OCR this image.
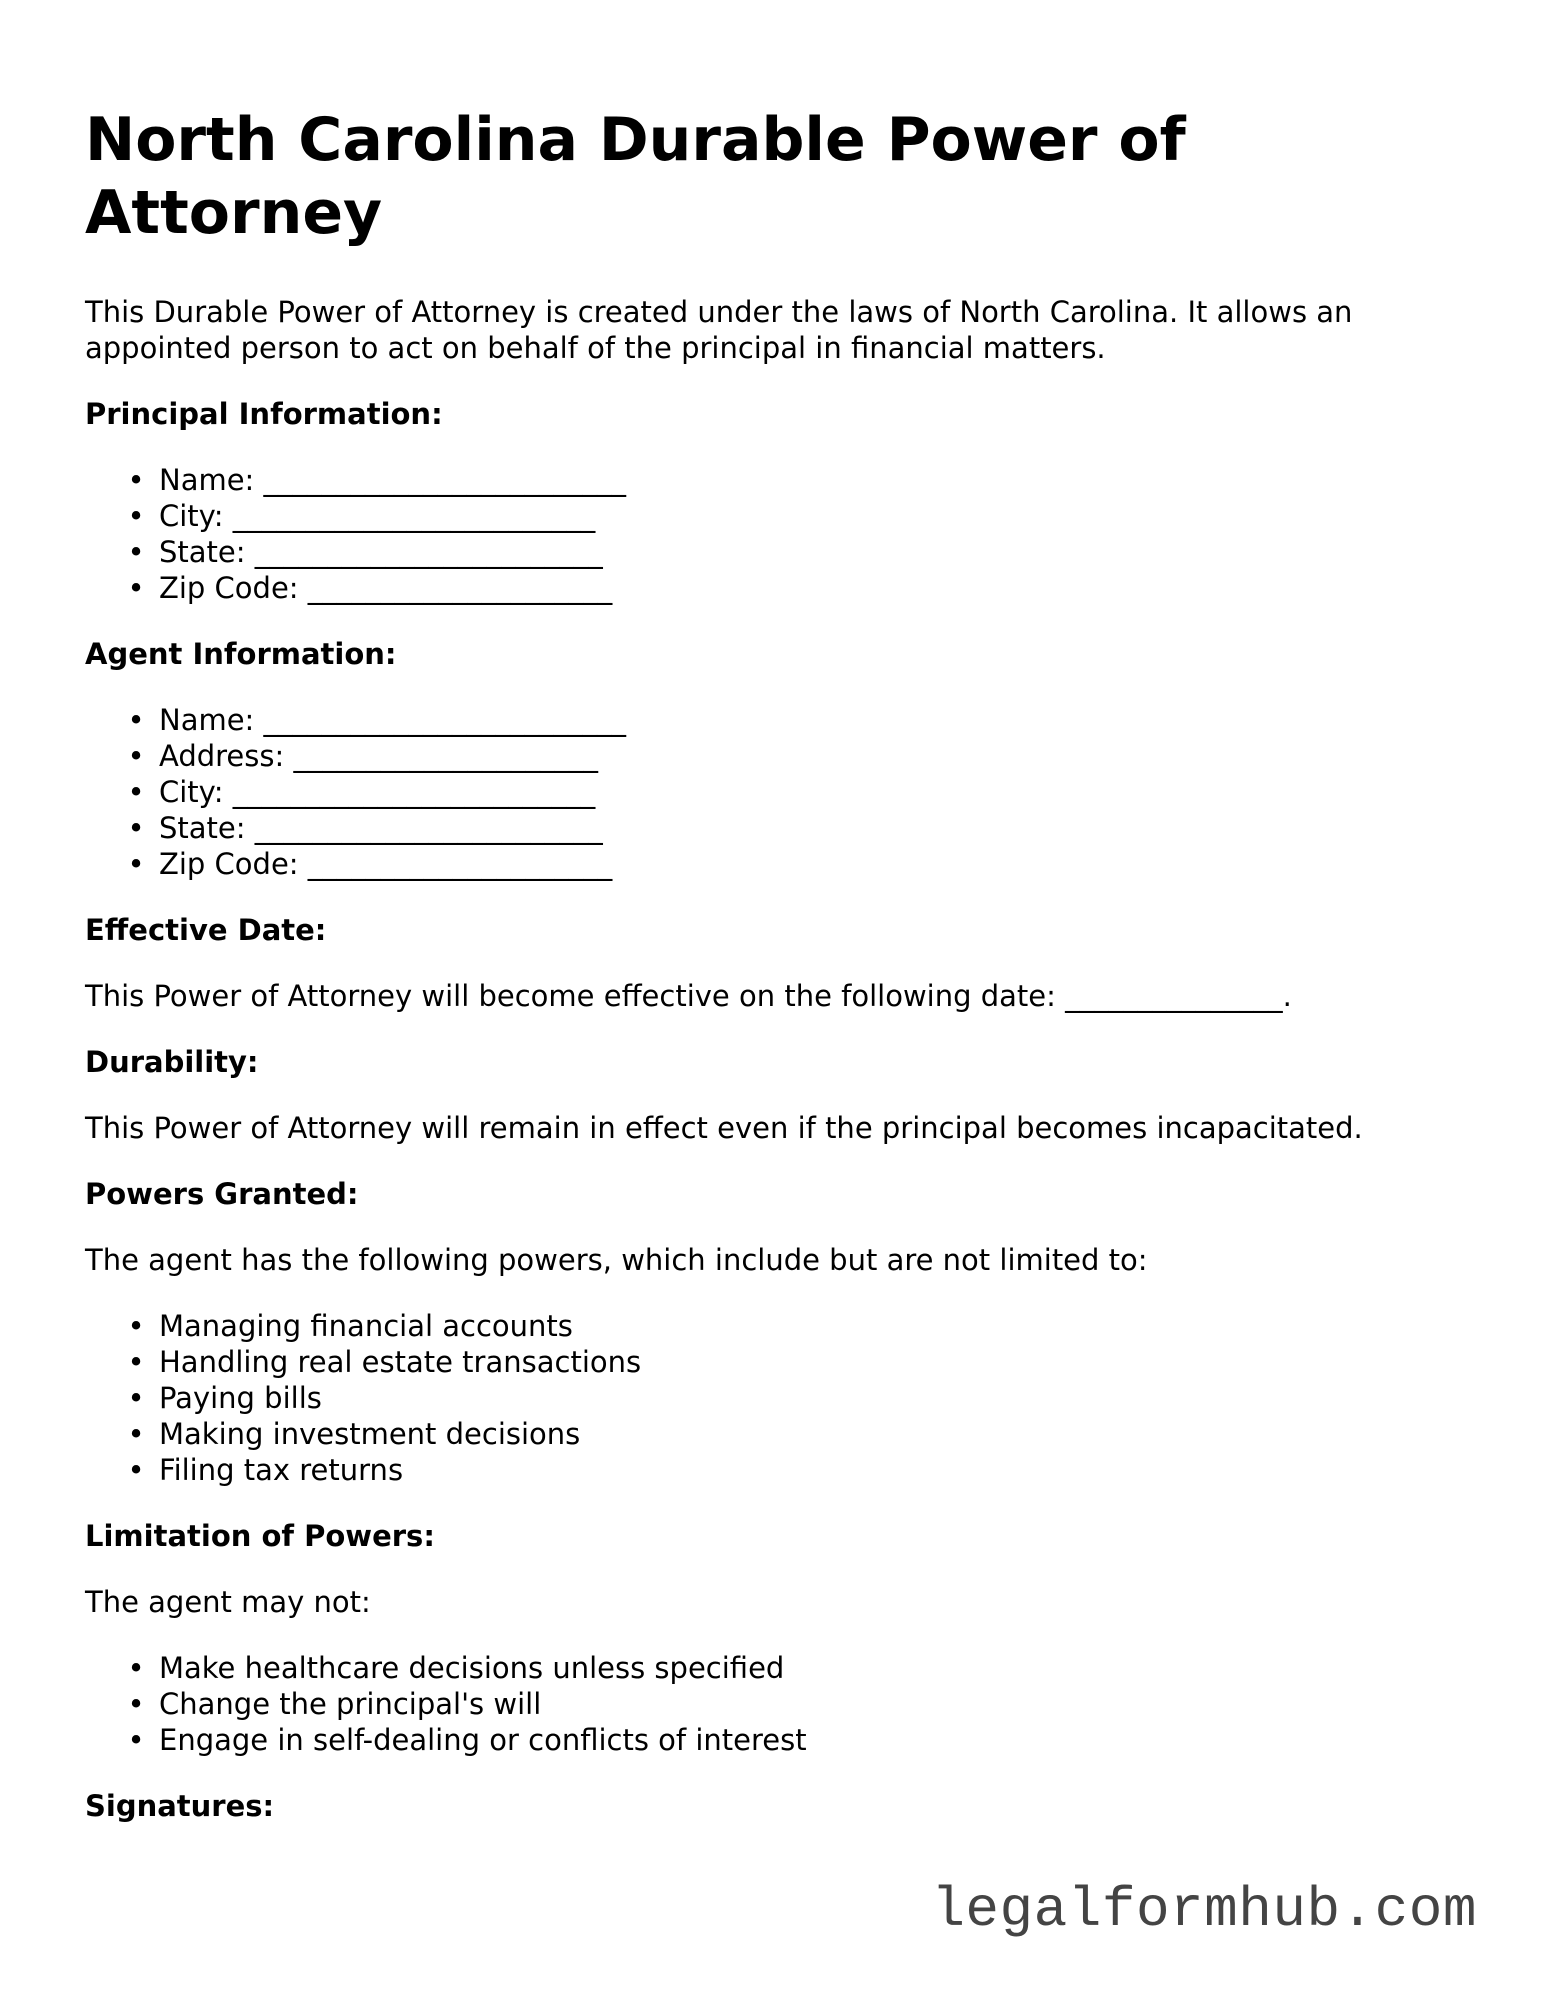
North Carolina Durable Power of Attorney

This Durable Power of Attorney is created under the laws of North Carolina. It allows an appointed person to act on behalf of the principal in financial matters.

Principal Information:
• Name: _________________________
• City: _________________________
• State: ________________________
• Zip Code: _____________________
Agent Information:
• Name: _________________________
• Address: _____________________
• City: _________________________
• State: ________________________
• Zip Code: _____________________
Effective Date:

This Power of Attorney will become effective on the following date: _______________.

Durability:

This Power of Attorney will remain in effect even if the principal becomes incapacitated.

Powers Granted:

The agent has the following powers, which include but are not limited to:

• Managing financial accounts
• Handling real estate transactions
• Paying bills
• Making investment decisions
• Filing tax returns
Limitation of Powers:

The agent may not:

• Make healthcare decisions unless specified
• Change the principal's will
• Engage in self-dealing or conflicts of interest
Signatures:
legalformhub.com
